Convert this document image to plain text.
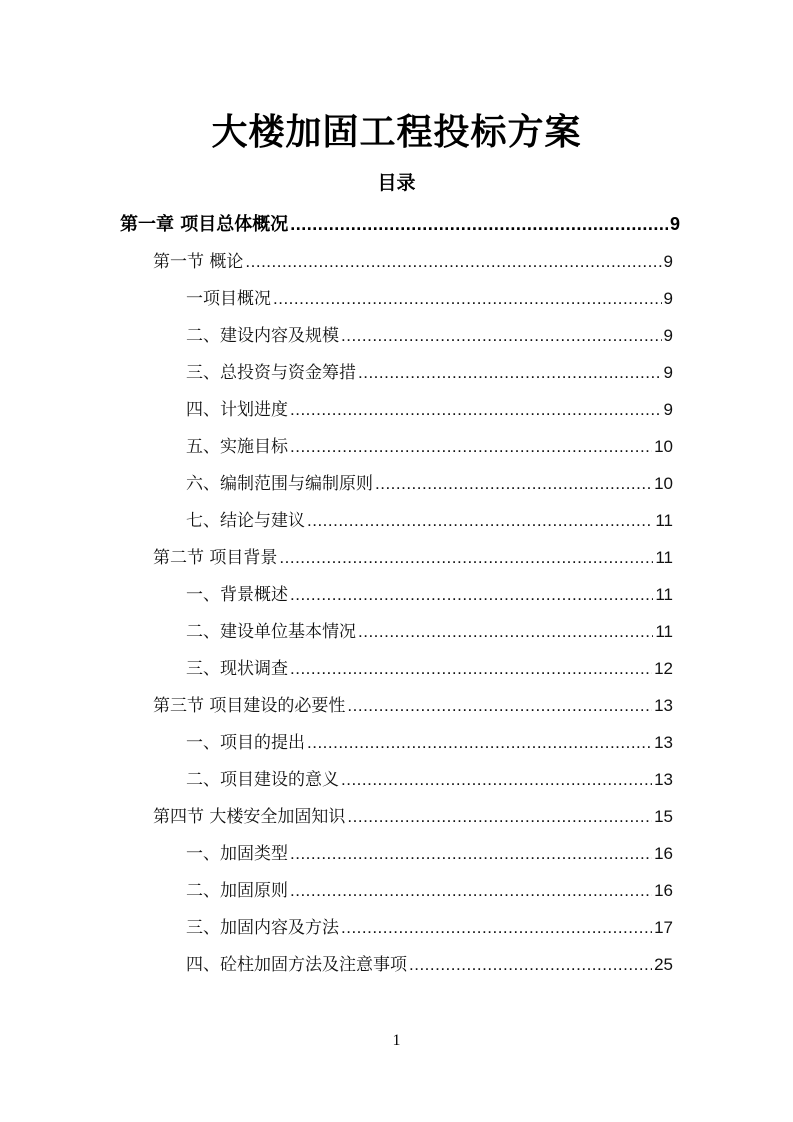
大楼加固工程投标方案
目录
第一章 项目总体概况 .....	9
第一节 概论 .....	9
一项目概况 .....	9
二、建设内容及规模 .....	9
三、总投资与资金筹措 .....	9
四、计划进度 .....	9
五、实施目标 .....	10
六、编制范围与编制原则 .....	10
七、结论与建议 .....	11
第二节 项目背景 .....	11
一、背景概述 .....	11
二、建设单位基本情况 .....	11
三、现状调查 .....	12
第三节 项目建设的必要性 .....	13
一、项目的提出 .....	13
二、项目建设的意义 .....	13
第四节 大楼安全加固知识 .....	15
一、加固类型 .....	16
二、加固原则 .....	16
三、加固内容及方法 .....	17
四、砼柱加固方法及注意事项 .....	25
1
